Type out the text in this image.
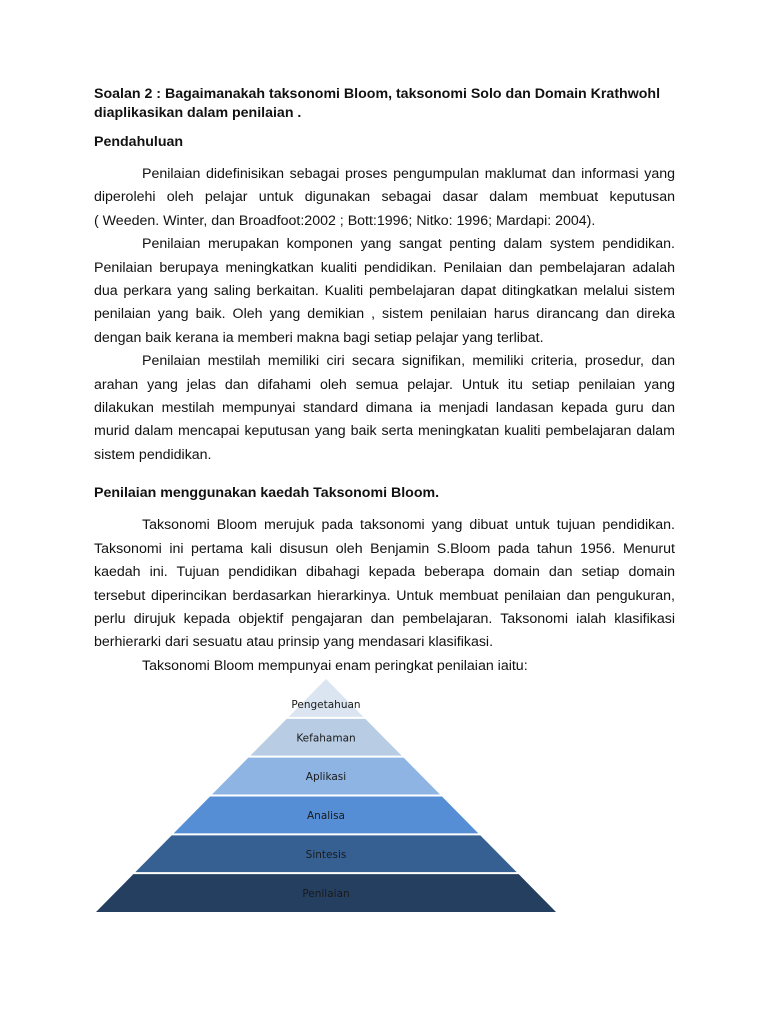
Soalan 2 : Bagaimanakah taksonomi Bloom, taksonomi Solo dan Domain Krathwohl
diaplikasikan dalam penilaian .
Pendahuluan
Penilaian didefinisikan sebagai proses pengumpulan maklumat dan informasi yang
diperolehi oleh pelajar untuk digunakan sebagai dasar dalam membuat keputusan
( Weeden. Winter, dan Broadfoot:2002 ; Bott:1996; Nitko: 1996; Mardapi: 2004).
Penilaian merupakan komponen yang sangat penting dalam system pendidikan.
Penilaian berupaya meningkatkan kualiti pendidikan. Penilaian dan pembelajaran adalah
dua perkara yang saling berkaitan. Kualiti pembelajaran dapat ditingkatkan melalui sistem
penilaian yang baik. Oleh yang demikian , sistem penilaian harus dirancang dan direka
dengan baik kerana ia memberi makna bagi setiap pelajar yang terlibat.
Penilaian mestilah memiliki ciri secara signifikan, memiliki criteria, prosedur, dan
arahan yang jelas dan difahami oleh semua pelajar. Untuk itu setiap penilaian yang
dilakukan mestilah mempunyai standard dimana ia menjadi landasan kepada guru dan
murid dalam mencapai keputusan yang baik serta meningkatan kualiti pembelajaran dalam
sistem pendidikan.
Penilaian menggunakan kaedah Taksonomi Bloom.
Taksonomi Bloom merujuk pada taksonomi yang dibuat untuk tujuan pendidikan.
Taksonomi ini pertama kali disusun oleh Benjamin S.Bloom pada tahun 1956. Menurut
kaedah ini. Tujuan pendidikan dibahagi kepada beberapa domain dan setiap domain
tersebut diperincikan berdasarkan hierarkinya. Untuk membuat penilaian dan pengukuran,
perlu dirujuk kepada objektif pengajaran dan pembelajaran. Taksonomi ialah klasifikasi
berhierarki dari sesuatu atau prinsip yang mendasari klasifikasi.
Taksonomi Bloom mempunyai enam peringkat penilaian iaitu:
Pengetahuan
Kefahaman
Aplikasi
Analisa
Sintesis
Penilaian
